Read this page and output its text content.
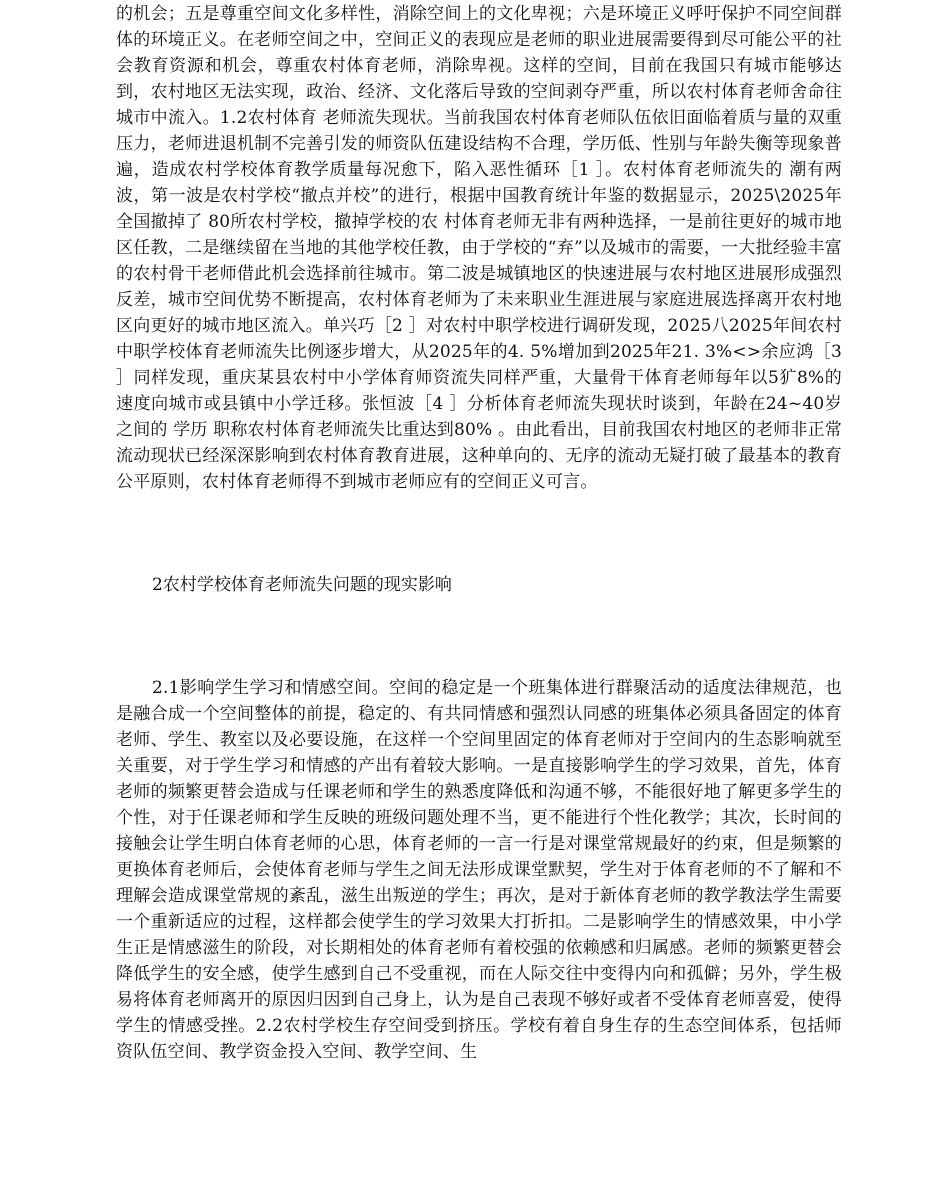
的机会；五是尊重空间文化多样性，消除空间上的文化卑视；六是环境正义呼吁保护不同空间群体的环境正义。在老师空间之中，空间正义的表现应是老师的职业进展需要得到尽可能公平的社会教育资源和机会，尊重农村体育老师，消除卑视。这样的空间，目前在我国只有城市能够达到，农村地区无法实现，政治、经济、文化落后导致的空间剥夺严重，所以农村体育老师舍命往城市中流入。1.2农村体育 老师流失现状。当前我国农村体育老师队伍依旧面临着质与量的双重压力，老师进退机制不完善引发的师资队伍建设结构不合理，学历低、性别与年龄失衡等现象普遍，造成农村学校体育教学质量每况愈下，陷入恶性循环［1 ］。农村体育老师流失的 潮有两波，第一波是农村学校“撤点并校”的进行，根据中国教育统计年鉴的数据显示，2025\2025年全国撤掉了 80所农村学校，撤掉学校的农 村体育老师无非有两种选择，一是前往更好的城市地区任教，二是继续留在当地的其他学校任教，由于学校的“弃”以及城市的需要，一大批经验丰富的农村骨干老师借此机会选择前往城市。第二波是城镇地区的快速进展与农村地区进展形成强烈反差，城市空间优势不断提高，农村体育老师为了未来职业生涯进展与家庭进展选择离开农村地区向更好的城市地区流入。单兴巧［2 ］对农村中职学校进行调研发现，2025八2025年间农村中职学校体育老师流失比例逐步增大，从2025年的4. 5%增加到2025年21. 3%<>余应鸿［3 ］同样发现，重庆某县农村中小学体育师资流失同样严重，大量骨干体育老师每年以5犷8%的速度向城市或县镇中小学迁移。张恒波［4 ］分析体育老师流失现状时谈到，年龄在24~40岁之间的 学历 职称农村体育老师流失比重达到80% 。由此看出，目前我国农村地区的老师非正常流动现状已经深深影响到农村体育教育进展，这种单向的、无序的流动无疑打破了最基本的教育公平原则，农村体育老师得不到城市老师应有的空间正义可言。

2农村学校体育老师流失问题的现实影响

2.1影响学生学习和情感空间。空间的稳定是一个班集体进行群聚活动的适度法律规范，也是融合成一个空间整体的前提，稳定的、有共同情感和强烈认同感的班集体必须具备固定的体育老师、学生、教室以及必要设施，在这样一个空间里固定的体育老师对于空间内的生态影响就至关重要，对于学生学习和情感的产出有着较大影响。一是直接影响学生的学习效果，首先，体育老师的频繁更替会造成与任课老师和学生的熟悉度降低和沟通不够，不能很好地了解更多学生的个性，对于任课老师和学生反映的班级问题处理不当，更不能进行个性化教学；其次，长时间的接触会让学生明白体育老师的心思，体育老师的一言一行是对课堂常规最好的约束，但是频繁的更换体育老师后，会使体育老师与学生之间无法形成课堂默契，学生对于体育老师的不了解和不理解会造成课堂常规的紊乱，滋生出叛逆的学生；再次，是对于新体育老师的教学教法学生需要一个重新适应的过程，这样都会使学生的学习效果大打折扣。二是影响学生的情感效果，中小学生正是情感滋生的阶段，对长期相处的体育老师有着校强的依赖感和归属感。老师的频繁更替会降低学生的安全感，使学生感到自己不受重视，而在人际交往中变得内向和孤僻；另外，学生极易将体育老师离开的原因归因到自己身上，认为是自己表现不够好或者不受体育老师喜爱，使得学生的情感受挫。2.2农村学校生存空间受到挤压。学校有着自身生存的生态空间体系，包括师资队伍空间、教学资金投入空间、教学空间、生
